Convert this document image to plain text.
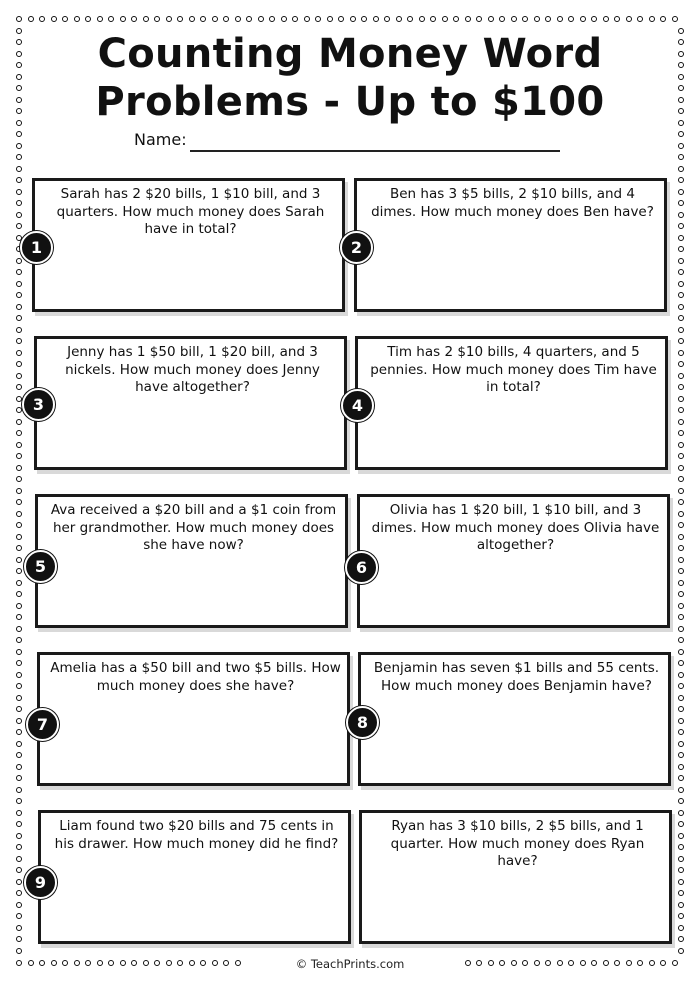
Counting Money Word
Problems - Up to $100
Name:
Sarah has 2 $20 bills, 1 $10 bill, and 3 quarters. How much money does Sarah have in total?
Ben has 3 $5 bills, 2 $10 bills, and 4 dimes. How much money does Ben have?
Jenny has 1 $50 bill, 1 $20 bill, and 3 nickels. How much money does Jenny have altogether?
Tim has 2 $10 bills, 4 quarters, and 5 pennies. How much money does Tim have in total?
Ava received a $20 bill and a $1 coin from her grandmother. How much money does she have now?
Olivia has 1 $20 bill, 1 $10 bill, and 3 dimes. How much money does Olivia have altogether?
Amelia has a $50 bill and two $5 bills. How much money does she have?
Benjamin has seven $1 bills and 55 cents. How much money does Benjamin have?
Liam found two $20 bills and 75 cents in his drawer. How much money did he find?
Ryan has 3 $10 bills, 2 $5 bills, and 1 quarter. How much money does Ryan have?
1	2
3	4
5	6
7	8
9
© TeachPrints.com
